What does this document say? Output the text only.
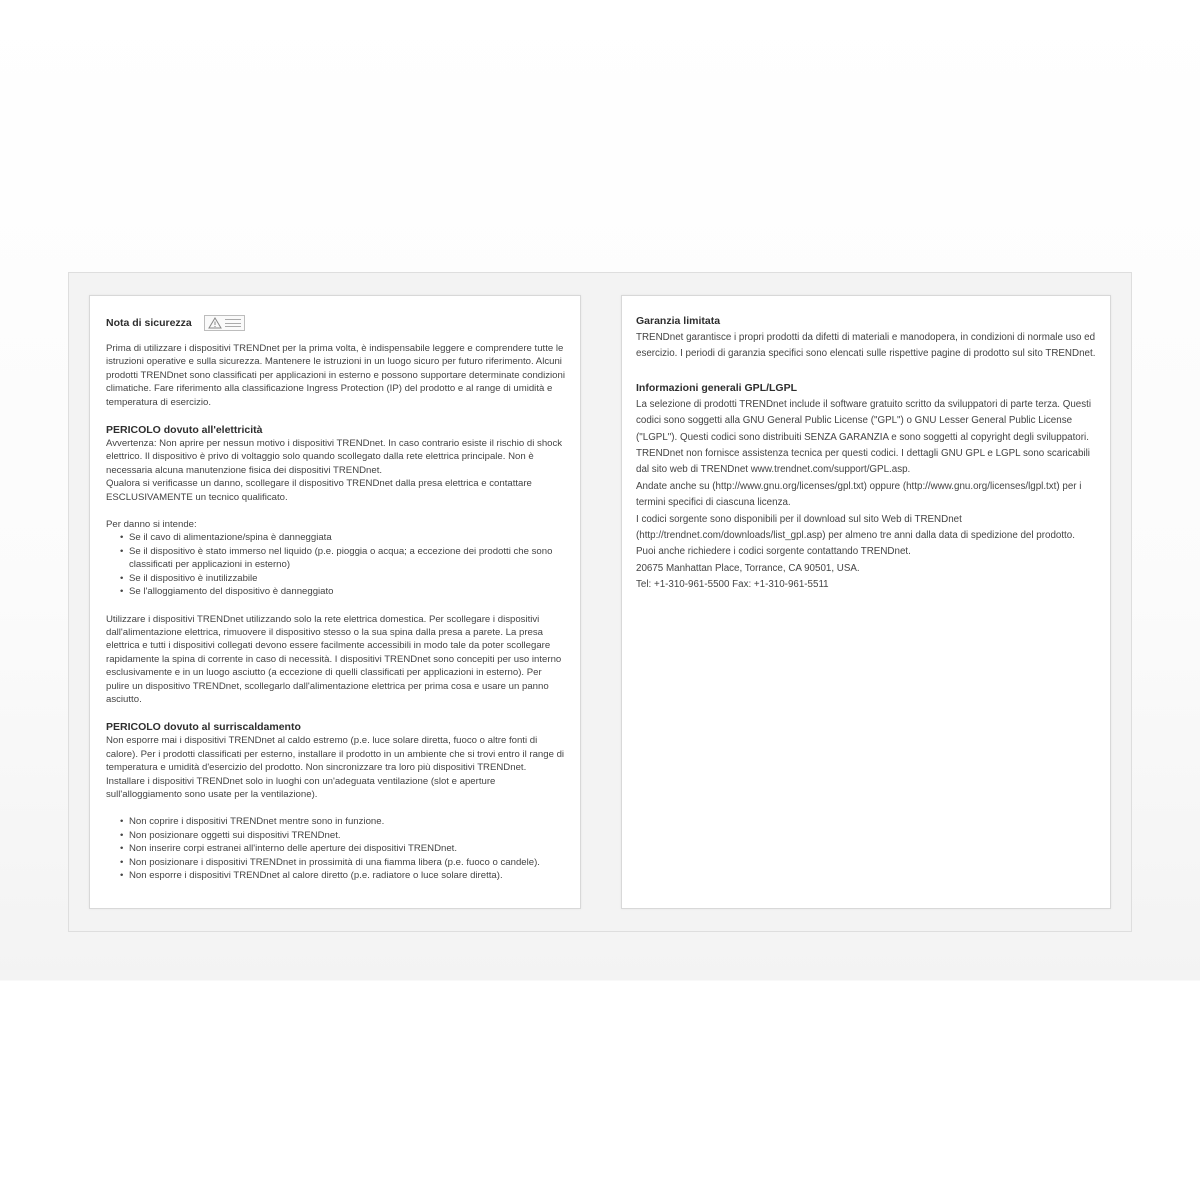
Nota di sicurezza

Prima di utilizzare i dispositivi TRENDnet per la prima volta, è indispensabile leggere e comprendere tutte le istruzioni operative e sulla sicurezza. Mantenere le istruzioni in un luogo sicuro per futuro riferimento. Alcuni prodotti TRENDnet sono classificati per applicazioni in esterno e possono supportare determinate condizioni climatiche. Fare riferimento alla classificazione Ingress Protection (IP) del prodotto e al range di umidità e temperatura di esercizio.

PERICOLO dovuto all'elettricità

Avvertenza: Non aprire per nessun motivo i dispositivi TRENDnet. In caso contrario esiste il rischio di shock elettrico. Il dispositivo è privo di voltaggio solo quando scollegato dalla rete elettrica principale. Non è necessaria alcuna manutenzione fisica dei dispositivi TRENDnet.

Qualora si verificasse un danno, scollegare il dispositivo TRENDnet dalla presa elettrica e contattare ESCLUSIVAMENTE un tecnico qualificato.

Per danno si intende:

• Se il cavo di alimentazione/spina è danneggiata
• Se il dispositivo è stato immerso nel liquido (p.e. pioggia o acqua; a eccezione dei prodotti che sono classificati per applicazioni in esterno)
• Se il dispositivo è inutilizzabile
• Se l'alloggiamento del dispositivo è danneggiato

Utilizzare i dispositivi TRENDnet utilizzando solo la rete elettrica domestica. Per scollegare i dispositivi dall'alimentazione elettrica, rimuovere il dispositivo stesso o la sua spina dalla presa a parete. La presa elettrica e tutti i dispositivi collegati devono essere facilmente accessibili in modo tale da poter scollegare rapidamente la spina di corrente in caso di necessità. I dispositivi TRENDnet sono concepiti per uso interno esclusivamente e in un luogo asciutto (a eccezione di quelli classificati per applicazioni in esterno). Per pulire un dispositivo TRENDnet, scollegarlo dall'alimentazione elettrica per prima cosa e usare un panno asciutto.

PERICOLO dovuto al surriscaldamento

Non esporre mai i dispositivi TRENDnet al caldo estremo (p.e. luce solare diretta, fuoco o altre fonti di calore). Per i prodotti classificati per esterno, installare il prodotto in un ambiente che si trovi entro il range di temperatura e umidità d'esercizio del prodotto. Non sincronizzare tra loro più dispositivi TRENDnet. Installare i dispositivi TRENDnet solo in luoghi con un'adeguata ventilazione (slot e aperture sull'alloggiamento sono usate per la ventilazione).

• Non coprire i dispositivi TRENDnet mentre sono in funzione.
• Non posizionare oggetti sui dispositivi TRENDnet.
• Non inserire corpi estranei all'interno delle aperture dei dispositivi TRENDnet.
• Non posizionare i dispositivi TRENDnet in prossimità di una fiamma libera (p.e. fuoco o candele).
• Non esporre i dispositivi TRENDnet al calore diretto (p.e. radiatore o luce solare diretta).

Garanzia limitata

TRENDnet garantisce i propri prodotti da difetti di materiali e manodopera, in condizioni di normale uso ed esercizio. I periodi di garanzia specifici sono elencati sulle rispettive pagine di prodotto sul sito TRENDnet.

Informazioni generali GPL/LGPL

La selezione di prodotti TRENDnet include il software gratuito scritto da sviluppatori di parte terza. Questi codici sono soggetti alla GNU General Public License ("GPL") o GNU Lesser General Public License ("LGPL"). Questi codici sono distribuiti SENZA GARANZIA e sono soggetti al copyright degli sviluppatori. TRENDnet non fornisce assistenza tecnica per questi codici. I dettagli GNU GPL e LGPL sono scaricabili dal sito web di TRENDnet www.trendnet.com/support/GPL.asp.

Andate anche su (http://www.gnu.org/licenses/gpl.txt) oppure (http://www.gnu.org/licenses/lgpl.txt) per i termini specifici di ciascuna licenza.

I codici sorgente sono disponibili per il download sul sito Web di TRENDnet (http://trendnet.com/downloads/list_gpl.asp) per almeno tre anni dalla data di spedizione del prodotto.

Puoi anche richiedere i codici sorgente contattando TRENDnet.

20675 Manhattan Place, Torrance, CA 90501, USA.

Tel: +1-310-961-5500 Fax: +1-310-961-5511
